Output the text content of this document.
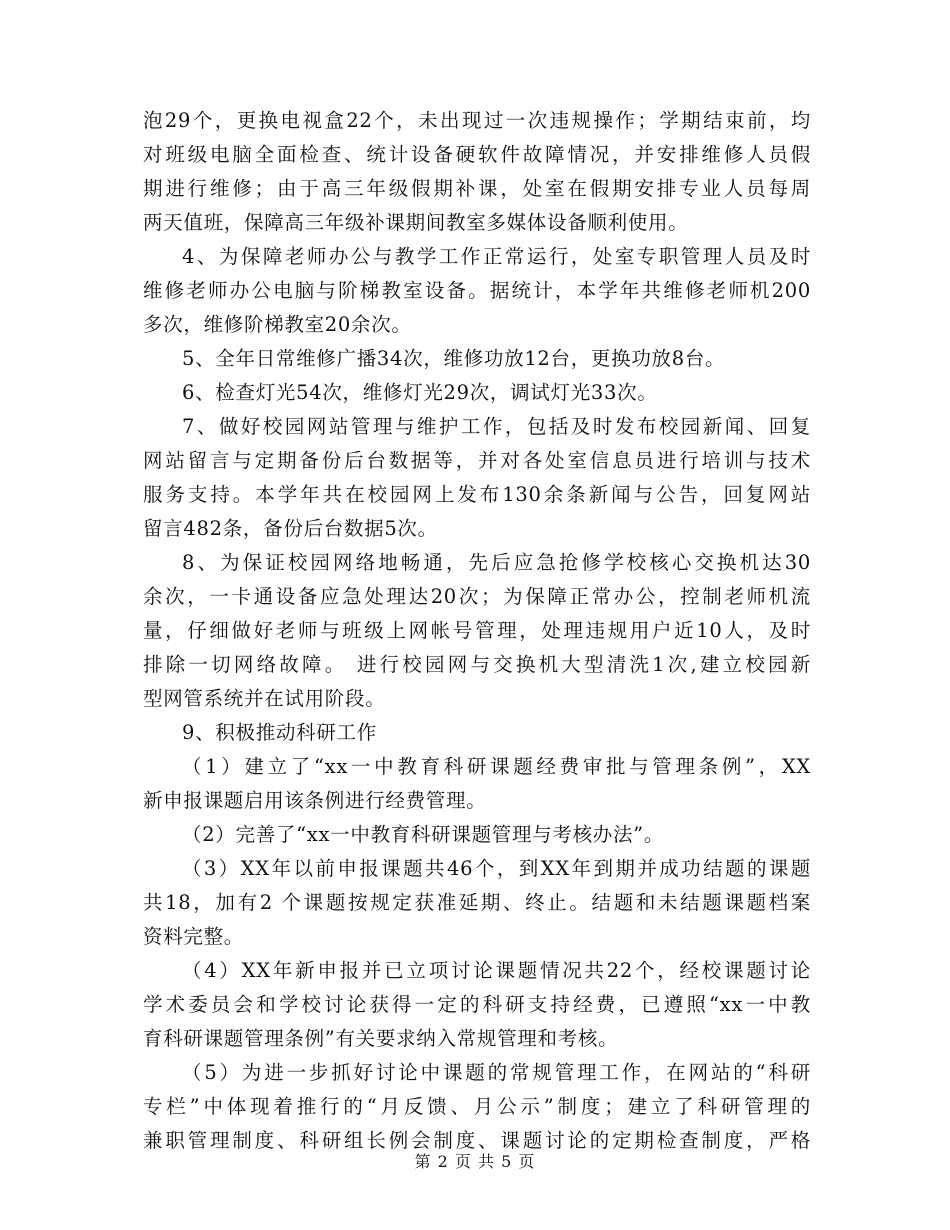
泡29个，更换电视盒22个，未出现过一次违规操作；学期结束前，均
对班级电脑全面检查、统计设备硬软件故障情况，并安排维修人员假
期进行维修；由于高三年级假期补课，处室在假期安排专业人员每周
两天值班，保障高三年级补课期间教室多媒体设备顺利使用。
4、为保障老师办公与教学工作正常运行，处室专职管理人员及时
维修老师办公电脑与阶梯教室设备。据统计，本学年共维修老师机200
多次，维修阶梯教室20余次。
5、全年日常维修广播34次，维修功放12台，更换功放8台。
6、检查灯光54次，维修灯光29次，调试灯光33次。
7、做好校园网站管理与维护工作，包括及时发布校园新闻、回复
网站留言与定期备份后台数据等，并对各处室信息员进行培训与技术
服务支持。本学年共在校园网上发布130余条新闻与公告，回复网站
留言482条，备份后台数据5次。
8、为保证校园网络地畅通，先后应急抢修学校核心交换机达30
余次，一卡通设备应急处理达20次；为保障正常办公，控制老师机流
量，仔细做好老师与班级上网帐号管理，处理违规用户近10人，及时
排除一切网络故障。 进行校园网与交换机大型清洗1次,建立校园新
型网管系统并在试用阶段。
9、积极推动科研工作
（1）建立了“xx一中教育科研课题经费审批与管理条例”，XX
新申报课题启用该条例进行经费管理。
（2）完善了“xx一中教育科研课题管理与考核办法”。
（3）XX年以前申报课题共46个，到XX年到期并成功结题的课题
共18，加有2 个课题按规定获准延期、终止。结题和未结题课题档案
资料完整。
（4）XX年新申报并已立项讨论课题情况共22个，经校课题讨论
学术委员会和学校讨论获得一定的科研支持经费，已遵照“xx一中教
育科研课题管理条例”有关要求纳入常规管理和考核。
（5）为进一步抓好讨论中课题的常规管理工作，在网站的“科研
专栏”中体现着推行的“月反馈、月公示”制度；建立了科研管理的
兼职管理制度、科研组长例会制度、课题讨论的定期检查制度，严格
第 2 页 共 5 页
